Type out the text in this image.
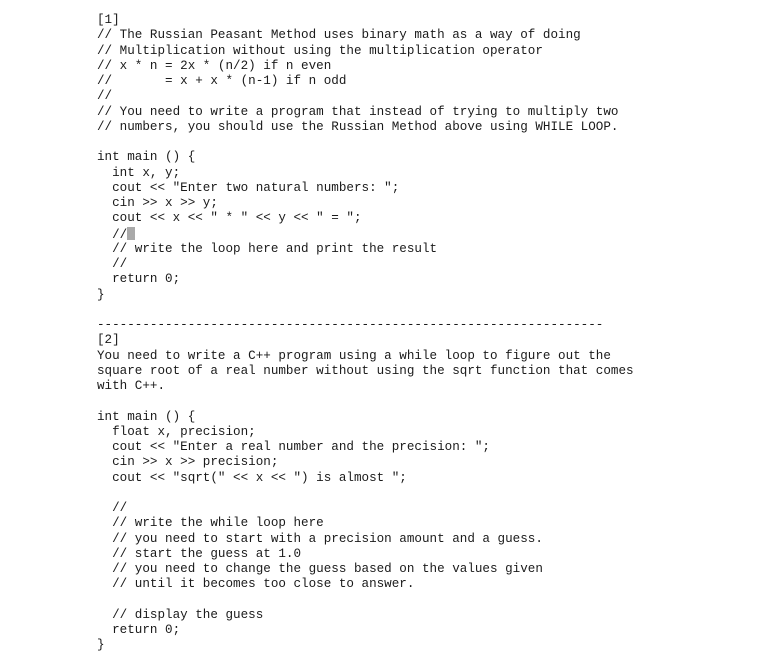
[1]
// The Russian Peasant Method uses binary math as a way of doing
// Multiplication without using the multiplication operator
// x * n = 2x * (n/2) if n even
//       = x + x * (n-1) if n odd
//
// You need to write a program that instead of trying to multiply two
// numbers, you should use the Russian Method above using WHILE LOOP.
int main () {
int x, y;
cout << "Enter two natural numbers: ";
cin >> x >> y;
cout << x << " * " << y << " = ";
//
// write the loop here and print the result
//
return 0;
}
-------------------------------------------------------------------
[2]
You need to write a C++ program using a while loop to figure out the
square root of a real number without using the sqrt function that comes
with C++.
int main () {
float x, precision;
cout << "Enter a real number and the precision: ";
cin >> x >> precision;
cout << "sqrt(" << x << ") is almost ";
//
// write the while loop here
// you need to start with a precision amount and a guess.
// start the guess at 1.0
// you need to change the guess based on the values given
// until it becomes too close to answer.
// display the guess
return 0;
}
